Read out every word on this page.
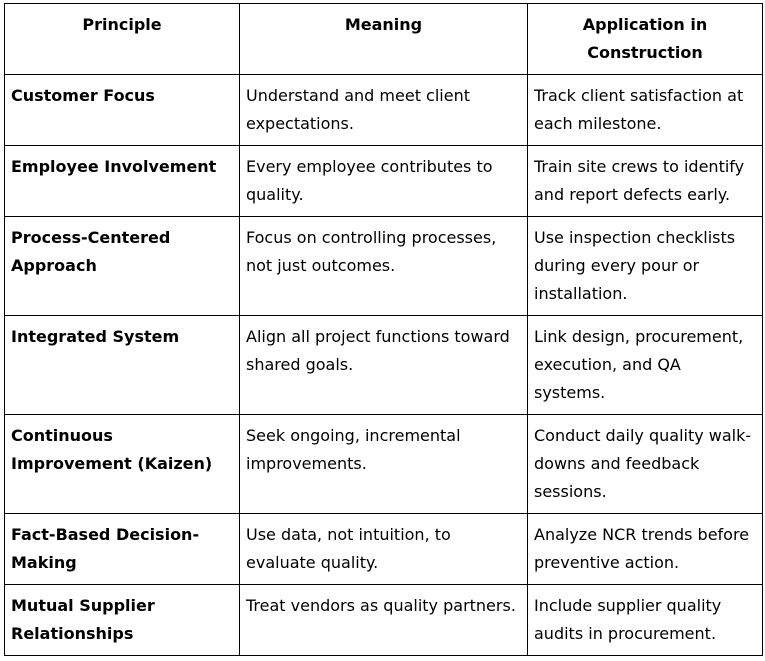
Principle	Meaning	Application in Construction
Customer Focus	Understand and meet client expectations.	Track client satisfaction at each milestone.
Employee Involvement	Every employee contributes to quality.	Train site crews to identify and report defects early.
Process-Centered Approach	Focus on controlling processes, not just outcomes.	Use inspection checklists during every pour or installation.
Integrated System	Align all project functions toward shared goals.	Link design, procurement, execution, and QA systems.
Continuous Improvement (Kaizen)	Seek ongoing, incremental improvements.	Conduct daily quality walk-downs and feedback sessions.
Fact-Based Decision-Making	Use data, not intuition, to evaluate quality.	Analyze NCR trends before preventive action.
Mutual Supplier Relationships	Treat vendors as quality partners.	Include supplier quality audits in procurement.
